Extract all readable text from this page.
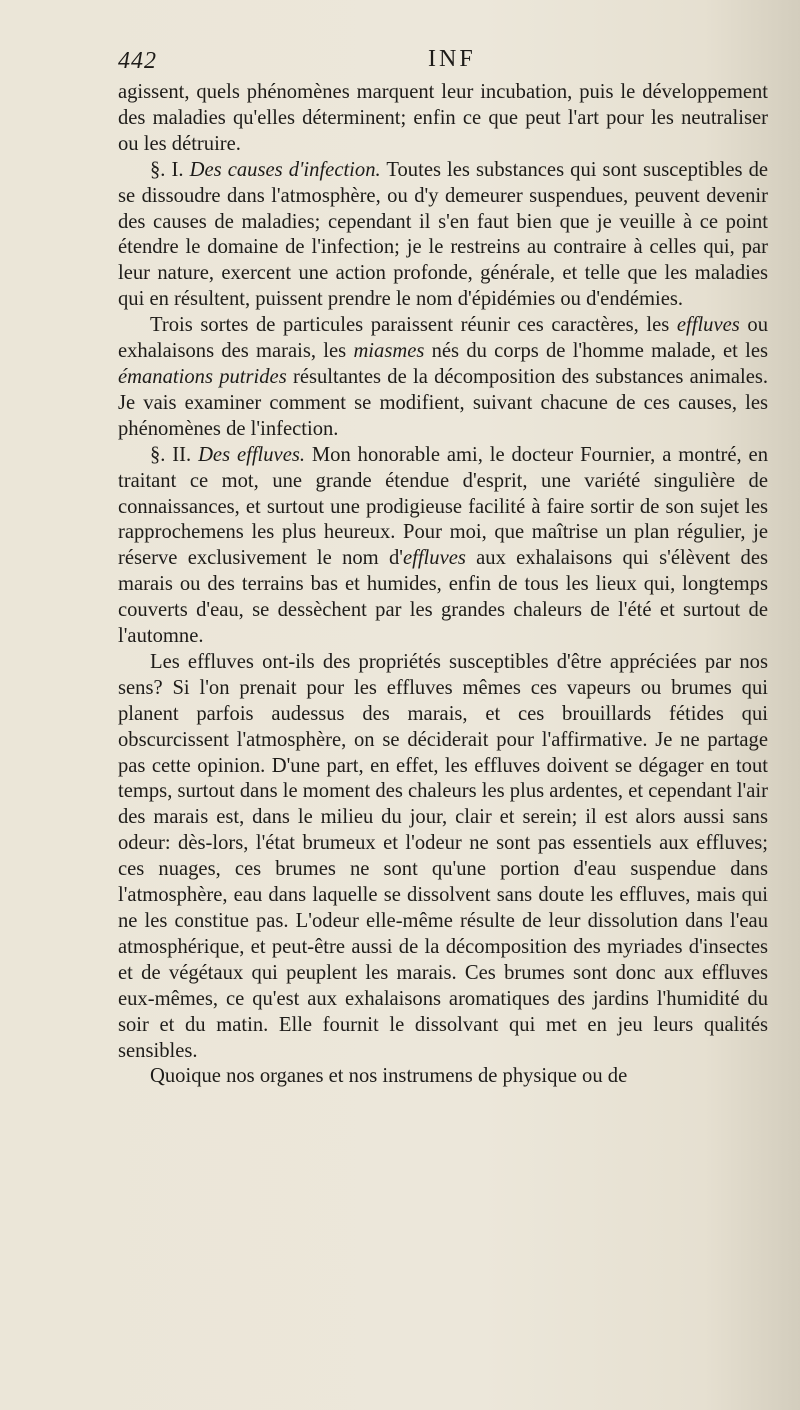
442	INF

agissent, quels phénomènes marquent leur incubation, puis le développement des maladies qu'elles déterminent; enfin ce que peut l'art pour les neutraliser ou les détruire.

§. I. Des causes d'infection. Toutes les substances qui sont susceptibles de se dissoudre dans l'atmosphère, ou d'y demeurer suspendues, peuvent devenir des causes de maladies; cependant il s'en faut bien que je veuille à ce point étendre le domaine de l'infection; je le restreins au contraire à celles qui, par leur nature, exercent une action profonde, générale, et telle que les maladies qui en résultent, puissent prendre le nom d'épidémies ou d'endémies.

Trois sortes de particules paraissent réunir ces caractères, les effluves ou exhalaisons des marais, les miasmes nés du corps de l'homme malade, et les émanations putrides résultantes de la décomposition des substances animales. Je vais examiner comment se modifient, suivant chacune de ces causes, les phénomènes de l'infection.

§. II. Des effluves. Mon honorable ami, le docteur Fournier, a montré, en traitant ce mot, une grande étendue d'esprit, une variété singulière de connaissances, et surtout une prodigieuse facilité à faire sortir de son sujet les rapprochemens les plus heureux. Pour moi, que maîtrise un plan régulier, je réserve exclusivement le nom d'effluves aux exhalaisons qui s'élèvent des marais ou des terrains bas et humides, enfin de tous les lieux qui, longtemps couverts d'eau, se dessèchent par les grandes chaleurs de l'été et surtout de l'automne.

Les effluves ont-ils des propriétés susceptibles d'être appréciées par nos sens? Si l'on prenait pour les effluves mêmes ces vapeurs ou brumes qui planent parfois audessus des marais, et ces brouillards fétides qui obscurcissent l'atmosphère, on se déciderait pour l'affirmative. Je ne partage pas cette opinion. D'une part, en effet, les effluves doivent se dégager en tout temps, surtout dans le moment des chaleurs les plus ardentes, et cependant l'air des marais est, dans le milieu du jour, clair et serein; il est alors aussi sans odeur: dès-lors, l'état brumeux et l'odeur ne sont pas essentiels aux effluves; ces nuages, ces brumes ne sont qu'une portion d'eau suspendue dans l'atmosphère, eau dans laquelle se dissolvent sans doute les effluves, mais qui ne les constitue pas. L'odeur elle-même résulte de leur dissolution dans l'eau atmosphérique, et peut-être aussi de la décomposition des myriades d'insectes et de végétaux qui peuplent les marais. Ces brumes sont donc aux effluves eux-mêmes, ce qu'est aux exhalaisons aromatiques des jardins l'humidité du soir et du matin. Elle fournit le dissolvant qui met en jeu leurs qualités sensibles.

Quoique nos organes et nos instrumens de physique ou de
